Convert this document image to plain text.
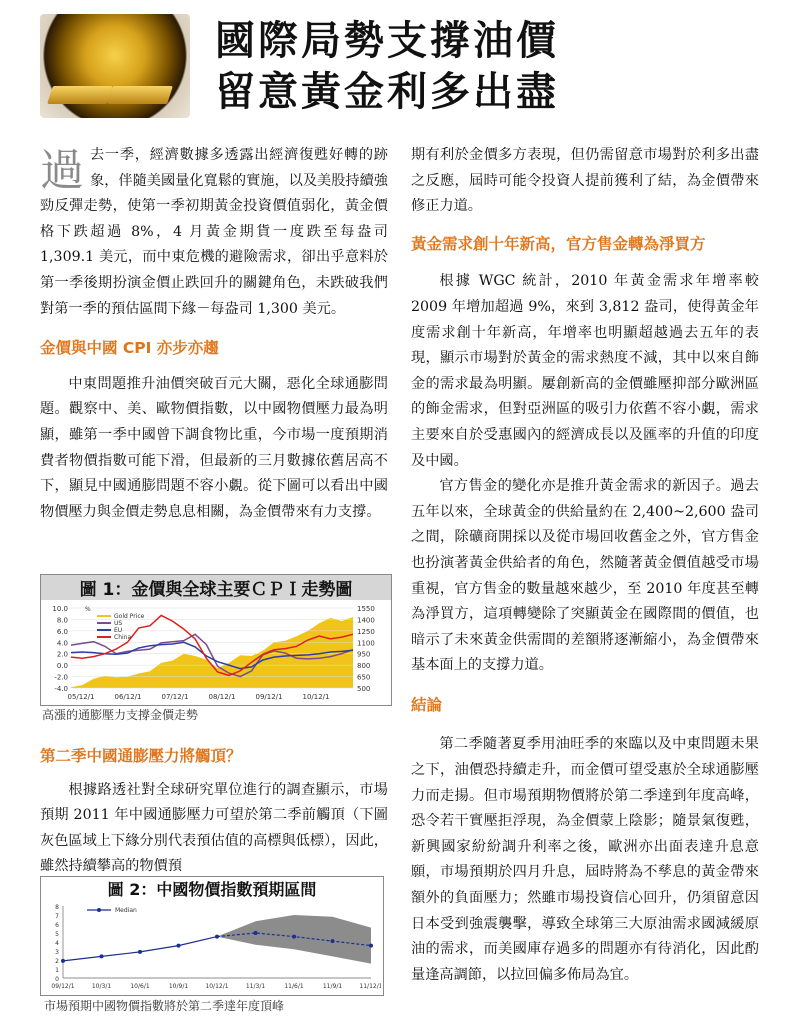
國際局勢支撐油價
留意黃金利多出盡

過去一季，經濟數據多透露出經濟復甦好轉的跡象，伴隨美國量化寬鬆的實施，以及美股持續強勁反彈走勢，使第一季初期黃金投資價值弱化，黃金價格下跌超過 8%，4 月黃金期貨一度跌至每盎司 1,309.1 美元，而中東危機的避險需求，卻出乎意料於第一季後期扮演金價止跌回升的關鍵角色，未跌破我們對第一季的預估區間下緣－每盎司 1,300 美元。

金價與中國 CPI 亦步亦趨

中東問題推升油價突破百元大關，惡化全球通膨問題。觀察中、美、歐物價指數，以中國物價壓力最為明顯，雖第一季中國曾下調食物比重，今市場一度預期消費者物價指數可能下滑，但最新的三月數據依舊居高不下，顯見中國通膨問題不容小覷。從下圖可以看出中國物價壓力與金價走勢息息相關，為金價帶來有力支撐。

圖 1：金價與全球主要ＣＰＩ走勢圖
10.0
8.0
6.0
4.0
2.0
0.0
-2.0
-4.0
1550
1400
1250
1100
950
800
650
500
05/12/1	06/12/1	07/12/1	08/12/1	09/12/1	10/12/1
%
Gold Price
US
EU
China
高漲的通膨壓力支撐金價走勢

第二季中國通膨壓力將觸頂？

根據路透社對全球研究單位進行的調查顯示，市場預期 2011 年中國通膨壓力可望於第二季前觸頂（下圖灰色區域上下緣分別代表預估值的高標與低標），因此，雖然持續攀高的物價預

圖 2：中國物價指數預期區間
0
1
2
3
4
5
6
7
8
09/12/1	10/3/1	10/6/1	10/9/1	10/12/1	11/3/1	11/6/1	11/9/1	11/12/1
Median
市場預期中國物價指數將於第二季達年度頂峰

期有利於金價多方表現，但仍需留意市場對於利多出盡之反應，屆時可能令投資人提前獲利了結，為金價帶來修正力道。

黃金需求創十年新高，官方售金轉為淨買方

根據 WGC 統計，2010 年黃金需求年增率較 2009 年增加超過 9%，來到 3,812 盎司，使得黃金年度需求創十年新高，年增率也明顯超越過去五年的表現，顯示市場對於黃金的需求熱度不減，其中以來自飾金的需求最為明顯。屢創新高的金價雖壓抑部分歐洲區的飾金需求，但對亞洲區的吸引力依舊不容小覷，需求主要來自於受惠國內的經濟成長以及匯率的升值的印度及中國。

官方售金的變化亦是推升黃金需求的新因子。過去五年以來，全球黃金的供給量約在 2,400~2,600 盎司之間，除礦商開採以及從市場回收舊金之外，官方售金也扮演著黃金供給者的角色，然隨著黃金價值越受市場重視，官方售金的數量越來越少，至 2010 年度甚至轉為淨買方，這項轉變除了突顯黃金在國際間的價值，也暗示了未來黃金供需間的差額將逐漸縮小，為金價帶來基本面上的支撐力道。

結論

第二季隨著夏季用油旺季的來臨以及中東問題未果之下，油價恐持續走升，而金價可望受惠於全球通膨壓力而走揚。但市場預期物價將於第二季達到年度高峰，恐令若干實壓拒浮現，為金價蒙上陰影；隨景氣復甦，新興國家紛紛調升利率之後，歐洲亦出面表達升息意願，市場預期於四月升息，屆時將為不孳息的黃金帶來額外的負面壓力；然雖市場投資信心回升，仍須留意因日本受到強震襲擊，導致全球第三大原油需求國減緩原油的需求，而美國庫存過多的問題亦有待消化，因此酌量逢高調節，以拉回偏多佈局為宜。
